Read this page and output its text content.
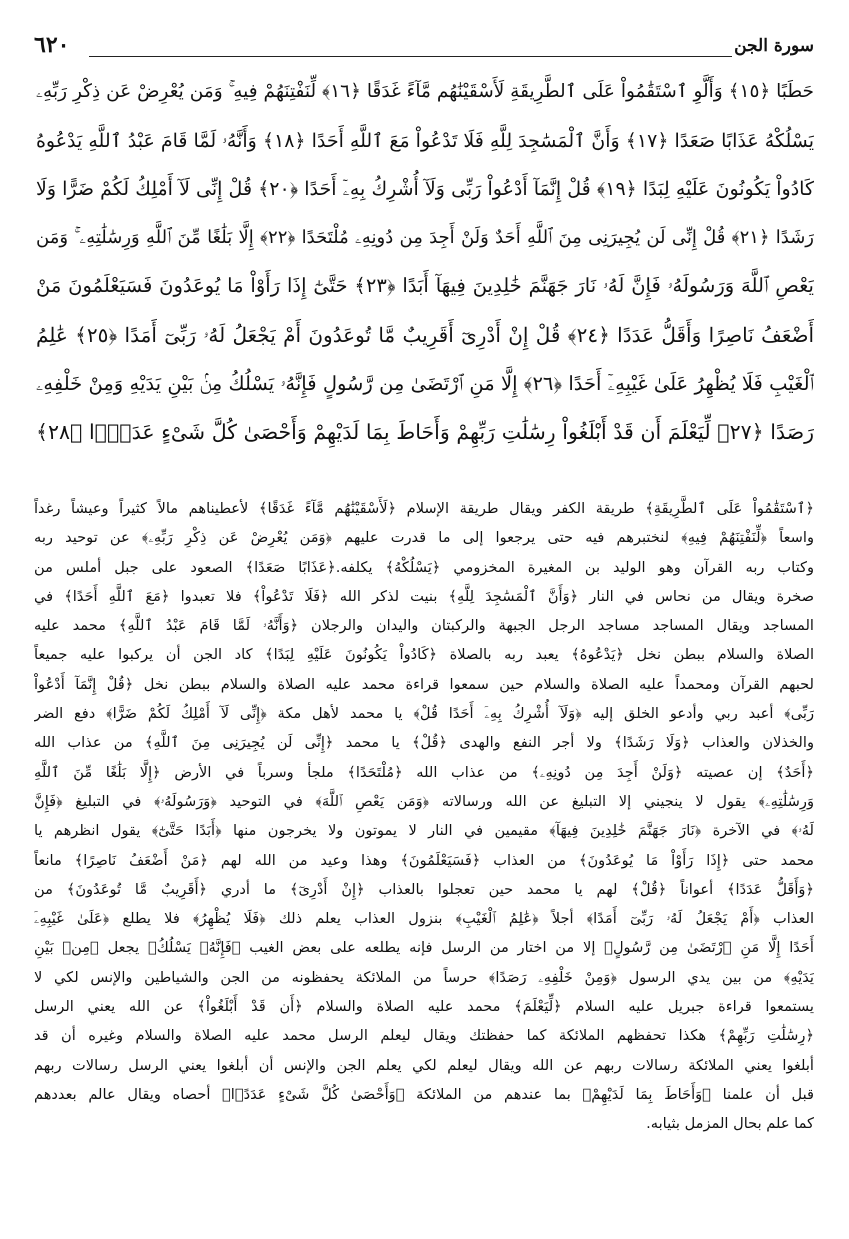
سورة الجن
٦٢٠
حَطَبًا ﴿١٥﴾ وَأَلَّوِ ٱسْتَقَٰمُواْ عَلَى ٱلطَّرِيقَةِ لَأَسْقَيْنَٰهُم مَّآءً غَدَقًا ﴿١٦﴾ لِّنَفْتِنَهُمْ فِيهِ ۚ وَمَن يُعْرِضْ عَن ذِكْرِ رَبِّهِۦ
يَسْلُكْهُ عَذَابًا صَعَدًا ﴿١٧﴾ وَأَنَّ ٱلْمَسَٰجِدَ لِلَّهِ فَلَا تَدْعُواْ مَعَ ٱللَّهِ أَحَدًا ﴿١٨﴾ وَأَنَّهُۥ لَمَّا قَامَ عَبْدُ ٱللَّهِ يَدْعُوهُ
كَادُواْ يَكُونُونَ عَلَيْهِ لِبَدًا ﴿١٩﴾ قُلْ إِنَّمَآ أَدْعُواْ رَبِّى وَلَآ أُشْرِكُ بِهِۦٓ أَحَدًا ﴿٢٠﴾ قُلْ إِنِّى لَآ أَمْلِكُ لَكُمْ ضَرًّا وَلَا
رَشَدًا ﴿٢١﴾ قُلْ إِنِّى لَن يُجِيرَنِى مِنَ ٱللَّهِ أَحَدٌ وَلَنْ أَجِدَ مِن دُونِهِۦ مُلْتَحَدًا ﴿٢٢﴾ إِلَّا بَلَٰغًا مِّنَ ٱللَّهِ وَرِسَٰلَٰتِهِۦ ۚ وَمَن
يَعْصِ ٱللَّهَ وَرَسُولَهُۥ فَإِنَّ لَهُۥ نَارَ جَهَنَّمَ خَٰلِدِينَ فِيهَآ أَبَدًا ﴿٢٣﴾ حَتَّىٰٓ إِذَا رَأَوْاْ مَا يُوعَدُونَ فَسَيَعْلَمُونَ مَنْ
أَضْعَفُ نَاصِرًا وَأَقَلُّ عَدَدًا ﴿٢٤﴾ قُلْ إِنْ أَدْرِىٓ أَقَرِيبٌ مَّا تُوعَدُونَ أَمْ يَجْعَلُ لَهُۥ رَبِّىٓ أَمَدًا ﴿٢٥﴾ عَٰلِمُ
ٱلْغَيْبِ فَلَا يُظْهِرُ عَلَىٰ غَيْبِهِۦٓ أَحَدًا ﴿٢٦﴾ إِلَّا مَنِ ٱرْتَضَىٰ مِن رَّسُولٍ فَإِنَّهُۥ يَسْلُكُ مِنۢ بَيْنِ يَدَيْهِ وَمِنْ خَلْفِهِۦ
رَصَدًا ﴿٢٧﴾ لِّيَعْلَمَ أَن قَدْ أَبْلَغُواْ رِسَٰلَٰتِ رَبِّهِمْ وَأَحَاطَ بِمَا لَدَيْهِمْ وَأَحْصَىٰ كُلَّ شَىْءٍ عَدَدًۢا ﴿٢٨﴾
﴿ٱسْتَقَٰمُواْ عَلَى ٱلطَّرِيقَةِ﴾ طريقة الكفر ويقال طريقة الإسلام ﴿لَأَسْقَيْنَٰهُم مَّآءً غَدَقًا﴾ لأعطيناهم مالاً كثيراً وعيشاً رغداً
واسعاً ﴿لِّنَفْتِنَهُمْ فِيهِ﴾ لنختبرهم فيه حتى يرجعوا إلى ما قدرت عليهم ﴿وَمَن يُعْرِضْ عَن ذِكْرِ رَبِّهِۦ﴾ عن توحيد ربه
وكتاب ربه القرآن وهو الوليد بن المغيرة المخزومي ﴿يَسْلُكْهُ﴾ يكلفه.﴿عَذَابًا صَعَدًا﴾ الصعود على جبل أملس من
صخرة ويقال من نحاس في النار ﴿وَأَنَّ ٱلْمَسَٰجِدَ لِلَّهِ﴾ بنيت لذكر الله ﴿فَلَا تَدْعُواْ﴾ فلا تعبدوا ﴿مَعَ ٱللَّهِ أَحَدًا﴾ في
المساجد ويقال المساجد مساجد الرجل الجبهة والركبتان واليدان والرجلان ﴿وَأَنَّهُۥ لَمَّا قَامَ عَبْدُ ٱللَّهِ﴾ محمد عليه
الصلاة والسلام ببطن نخل ﴿يَدْعُوهُ﴾ يعبد ربه بالصلاة ﴿كَادُواْ يَكُونُونَ عَلَيْهِ لِبَدًا﴾ كاد الجن أن يركبوا عليه جميعاً
لحبهم القرآن ومحمداً عليه الصلاة والسلام حين سمعوا قراءة محمد عليه الصلاة والسلام ببطن نخل ﴿قُلْ إِنَّمَآ أَدْعُواْ
رَبِّى﴾ أعبد ربي وأدعو الخلق إليه ﴿وَلَآ أُشْرِكُ بِهِۦٓ أَحَدًا قُلْ﴾ يا محمد لأهل مكة ﴿إِنِّى لَآ أَمْلِكُ لَكُمْ ضَرًّا﴾ دفع الضر
والخذلان والعذاب ﴿وَلَا رَشَدًا﴾ ولا أجر النفع والهدى ﴿قُلْ﴾ يا محمد ﴿إِنِّى لَن يُجِيرَنِى مِنَ ٱللَّهِ﴾ من عذاب الله
﴿أَحَدٌ﴾ إن عصيته ﴿وَلَنْ أَجِدَ مِن دُونِهِۦ﴾ من عذاب الله ﴿مُلْتَحَدًا﴾ ملجأ وسرباً في الأرض ﴿إِلَّا بَلَٰغًا مِّنَ ٱللَّهِ
وَرِسَٰلَٰتِهِۦ﴾ يقول لا ينجيني إلا التبليغ عن الله ورسالاته ﴿وَمَن يَعْصِ ٱللَّهَ﴾ في التوحيد ﴿وَرَسُولَهُۥ﴾ في التبليغ ﴿فَإِنَّ
لَهُۥ﴾ في الآخرة ﴿نَارَ جَهَنَّمَ خَٰلِدِينَ فِيهَآ﴾ مقيمين في النار لا يموتون ولا يخرجون منها ﴿أَبَدًا حَتَّىٰٓ﴾ يقول انظرهم يا
محمد حتى ﴿إِذَا رَأَوْاْ مَا يُوعَدُونَ﴾ من العذاب ﴿فَسَيَعْلَمُونَ﴾ وهذا وعيد من الله لهم ﴿مَنْ أَضْعَفُ نَاصِرًا﴾ مانعاً
﴿وَأَقَلُّ عَدَدًا﴾ أعواناً ﴿قُلْ﴾ لهم يا محمد حين تعجلوا بالعذاب ﴿إِنْ أَدْرِىٓ﴾ ما أدري ﴿أَقَرِيبٌ مَّا تُوعَدُونَ﴾ من
العذاب ﴿أَمْ يَجْعَلُ لَهُۥ رَبِّىٓ أَمَدًا﴾ أجلاً ﴿عَٰلِمُ ٱلْغَيْبِ﴾ بنزول العذاب يعلم ذلك ﴿فَلَا يُظْهِرُ﴾ فلا يطلع ﴿عَلَىٰ غَيْبِهِۦٓ
أَحَدًا إِلَّا مَنِ ٱرْتَضَىٰ مِن رَّسُولٍ﴾ إلا من اختار من الرسل فإنه يطلعه على بعض الغيب ﴿فَإِنَّهُۥ يَسْلُكُ﴾ يجعل ﴿مِنۢ بَيْنِ
يَدَيْهِ﴾ من بين يدي الرسول ﴿وَمِنْ خَلْفِهِۦ رَصَدًا﴾ حرساً من الملائكة يحفظونه من الجن والشياطين والإنس لكي لا
يستمعوا قراءة جبريل عليه السلام ﴿لِّيَعْلَمَ﴾ محمد عليه الصلاة والسلام ﴿أَن قَدْ أَبْلَغُواْ﴾ عن الله يعني الرسل
﴿رِسَٰلَٰتِ رَبِّهِمْ﴾ هكذا تحفظهم الملائكة كما حفظتك ويقال ليعلم الرسل محمد عليه الصلاة والسلام وغيره أن قد
أبلغوا يعني الملائكة رسالات ربهم عن الله ويقال ليعلم لكي يعلم الجن والإنس أن أبلغوا يعني الرسل رسالات ربهم
قبل أن علمنا ﴿وَأَحَاطَ بِمَا لَدَيْهِمْ﴾ بما عندهم من الملائكة ﴿وَأَحْصَىٰ كُلَّ شَىْءٍ عَدَدًۢا﴾ أحصاه ويقال عالم بعددهم
كما علم بحال المزمل بثيابه.
